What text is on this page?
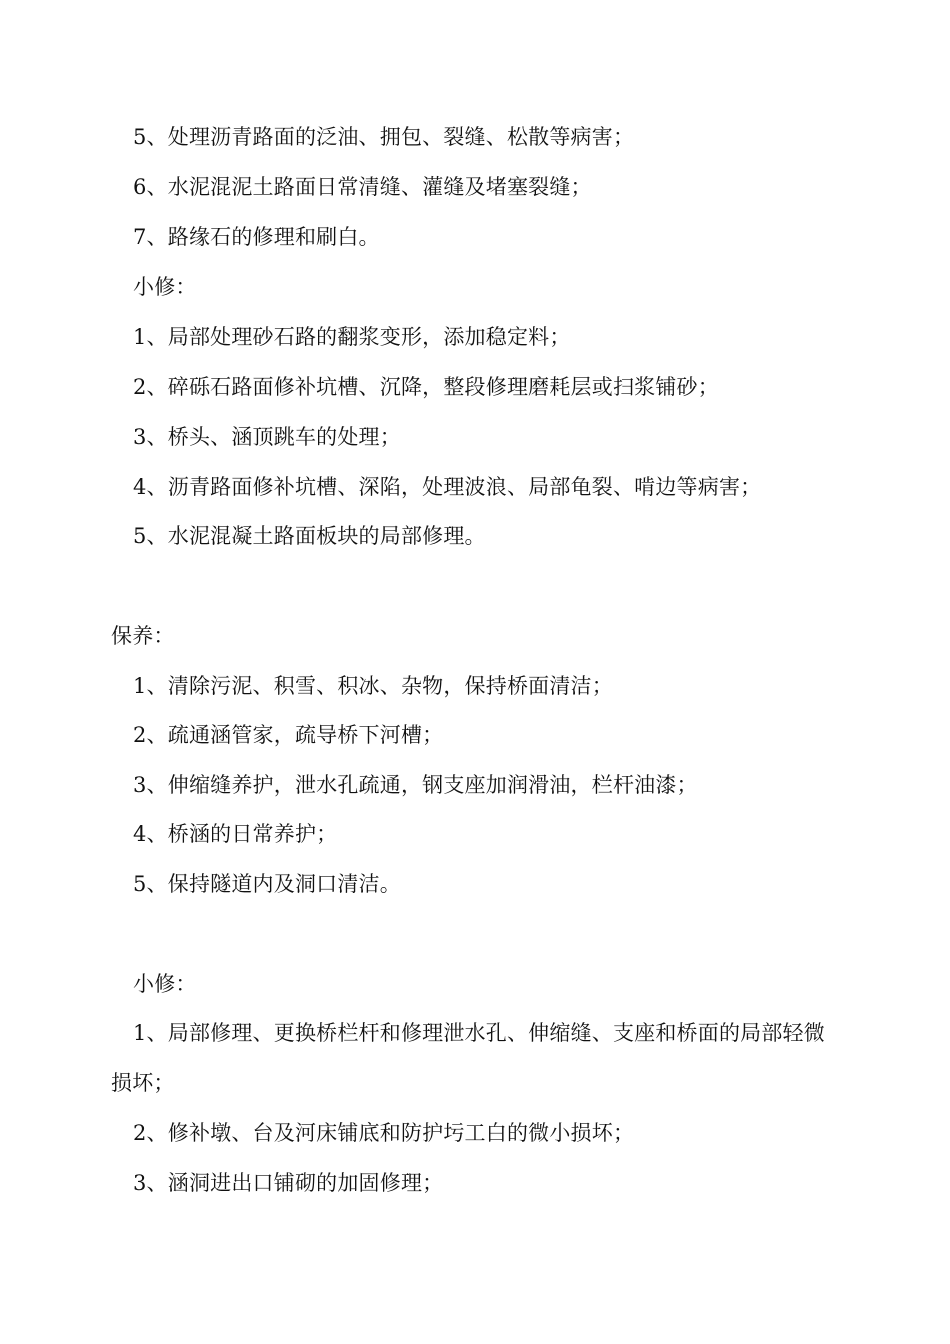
5、处理沥青路面的泛油、拥包、裂缝、松散等病害；
6、水泥混泥土路面日常清缝、灌缝及堵塞裂缝；
7、路缘石的修理和刷白。
小修：
1、局部处理砂石路的翻浆变形，添加稳定料；
2、碎砾石路面修补坑槽、沉降，整段修理磨耗层或扫浆铺砂；
3、桥头、涵顶跳车的处理；
4、沥青路面修补坑槽、深陷，处理波浪、局部龟裂、啃边等病害；
5、水泥混凝土路面板块的局部修理。
保养：
1、清除污泥、积雪、积冰、杂物，保持桥面清洁；
2、疏通涵管家，疏导桥下河槽；
3、伸缩缝养护，泄水孔疏通，钢支座加润滑油，栏杆油漆；
4、桥涵的日常养护；
5、保持隧道内及洞口清洁。
小修：
1、局部修理、更换桥栏杆和修理泄水孔、伸缩缝、支座和桥面的局部轻微
损坏；
2、修补墩、台及河床铺底和防护圬工白的微小损坏；
3、涵洞进出口铺砌的加固修理；
